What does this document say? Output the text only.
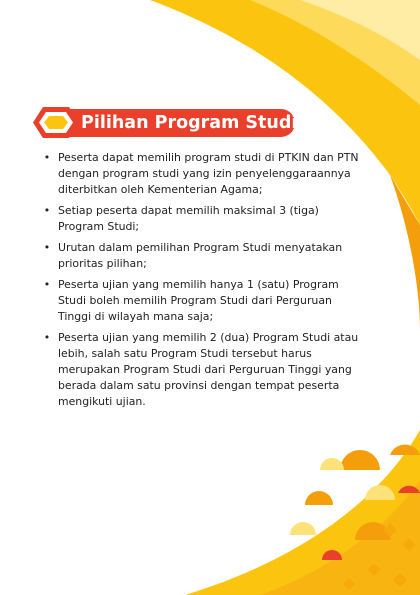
Pilihan Program Studi
• Peserta dapat memilih program studi di PTKIN dan PTN dengan program studi yang izin penyelenggaraannya diterbitkan oleh Kementerian Agama;
• Setiap peserta dapat memilih maksimal 3 (tiga) Program Studi;
• Urutan dalam pemilihan Program Studi menyatakan prioritas pilihan;
• Peserta ujian yang memilih hanya 1 (satu) Program Studi boleh memilih Program Studi dari Perguruan Tinggi di wilayah mana saja;
• Peserta ujian yang memilih 2 (dua) Program Studi atau lebih, salah satu Program Studi tersebut harus merupakan Program Studi dari Perguruan Tinggi yang berada dalam satu provinsi dengan tempat peserta mengikuti ujian.
